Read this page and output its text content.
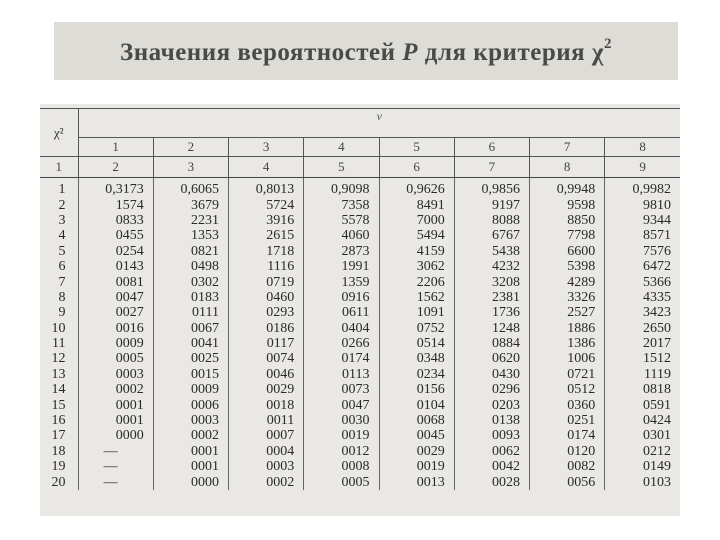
Значения вероятностей P для критерия $\chi^2$
χ²	ν							
	1	2	3	4	5	6	7	8
1	2	3	4	5	6	7	8	9
1	0,3173	0,6065	0,8013	0,9098	0,9626	0,9856	0,9948	0,9982
2	1574	3679	5724	7358	8491	9197	9598	9810
3	0833	2231	3916	5578	7000	8088	8850	9344
4	0455	1353	2615	4060	5494	6767	7798	8571
5	0254	0821	1718	2873	4159	5438	6600	7576
6	0143	0498	1116	1991	3062	4232	5398	6472
7	0081	0302	0719	1359	2206	3208	4289	5366
8	0047	0183	0460	0916	1562	2381	3326	4335
9	0027	0111	0293	0611	1091	1736	2527	3423
10	0016	0067	0186	0404	0752	1248	1886	2650
11	0009	0041	0117	0266	0514	0884	1386	2017
12	0005	0025	0074	0174	0348	0620	1006	1512
13	0003	0015	0046	0113	0234	0430	0721	1119
14	0002	0009	0029	0073	0156	0296	0512	0818
15	0001	0006	0018	0047	0104	0203	0360	0591
16	0001	0003	0011	0030	0068	0138	0251	0424
17	0000	0002	0007	0019	0045	0093	0174	0301
18	—	0001	0004	0012	0029	0062	0120	0212
19	—	0001	0003	0008	0019	0042	0082	0149
20	—	0000	0002	0005	0013	0028	0056	0103
